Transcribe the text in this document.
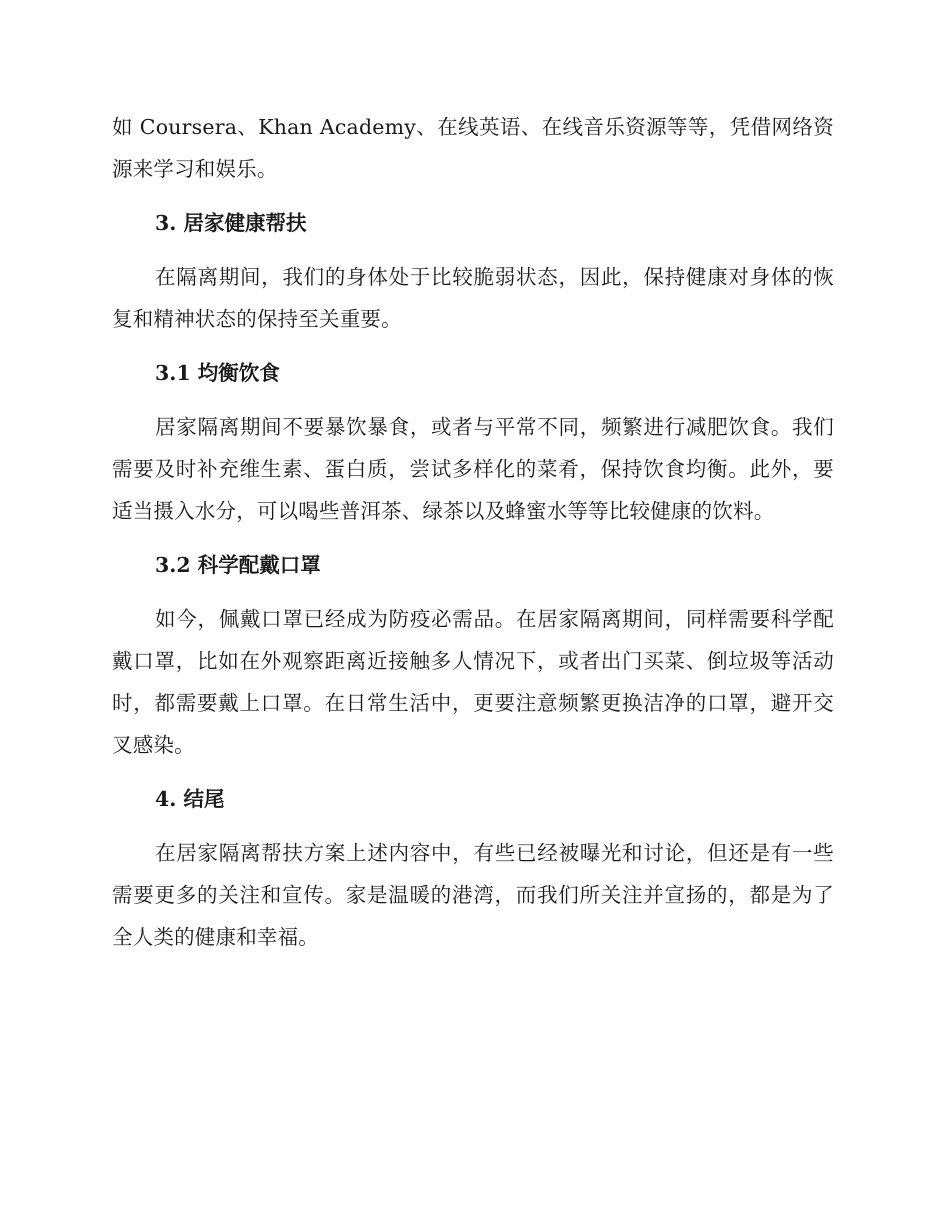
如 Coursera、Khan Academy、在线英语、在线音乐资源等等，凭借网络资源来学习和娱乐。

3. 居家健康帮扶

在隔离期间，我们的身体处于比较脆弱状态，因此，保持健康对身体的恢复和精神状态的保持至关重要。

3.1 均衡饮食

居家隔离期间不要暴饮暴食，或者与平常不同，频繁进行减肥饮食。我们需要及时补充维生素、蛋白质，尝试多样化的菜肴，保持饮食均衡。此外，要适当摄入水分，可以喝些普洱茶、绿茶以及蜂蜜水等等比较健康的饮料。

3.2 科学配戴口罩

如今，佩戴口罩已经成为防疫必需品。在居家隔离期间，同样需要科学配戴口罩，比如在外观察距离近接触多人情况下，或者出门买菜、倒垃圾等活动时，都需要戴上口罩。在日常生活中，更要注意频繁更换洁净的口罩，避开交叉感染。

4. 结尾

在居家隔离帮扶方案上述内容中，有些已经被曝光和讨论，但还是有一些需要更多的关注和宣传。家是温暖的港湾，而我们所关注并宣扬的，都是为了全人类的健康和幸福。
